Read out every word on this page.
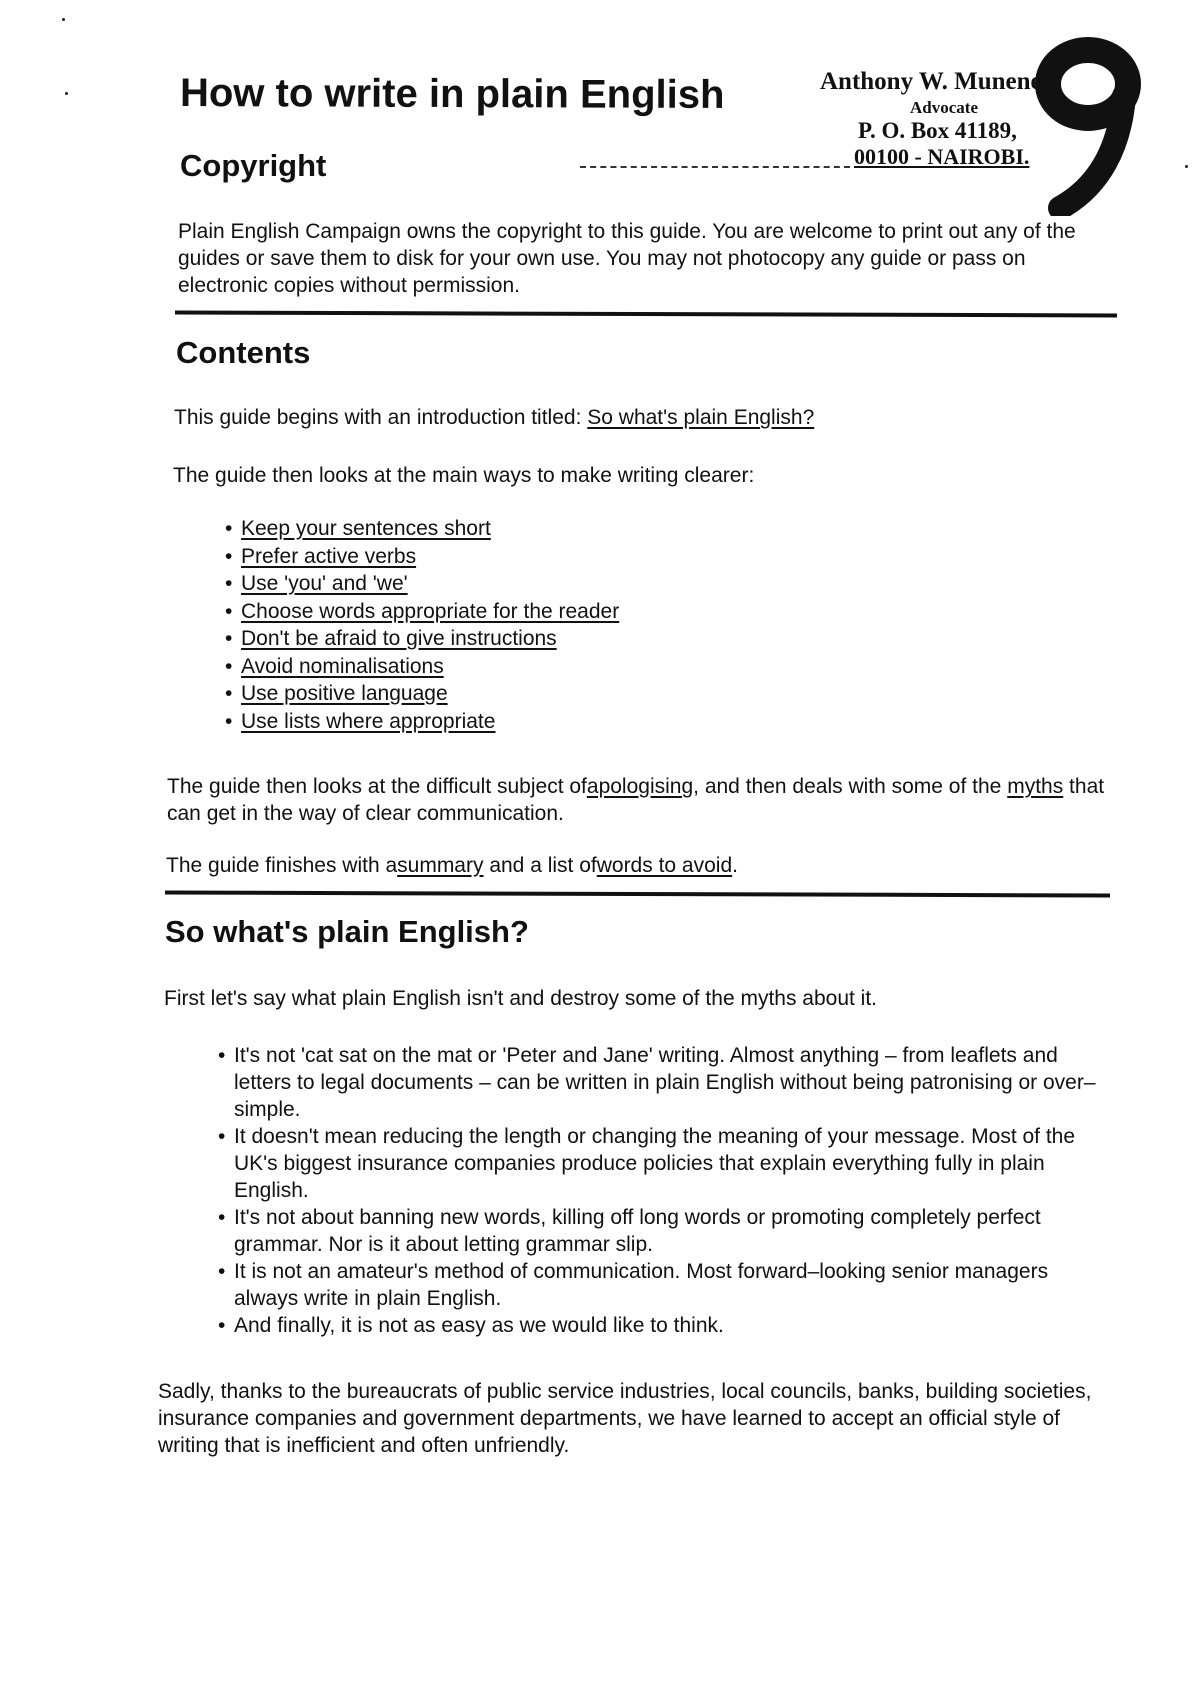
How to write in plain English	Anthony W. Munene
Advocate
P. O. Box 41189,
00100 - NAIROBI.
Copyright

Plain English Campaign owns the copyright to this guide. You are welcome to print out any of the guides or save them to disk for your own use. You may not photocopy any guide or pass on electronic copies without permission.

Contents

This guide begins with an introduction titled: So what's plain English?

The guide then looks at the main ways to make writing clearer:

• Keep your sentences short
• Prefer active verbs
• Use 'you' and 'we'
• Choose words appropriate for the reader
• Don't be afraid to give instructions
• Avoid nominalisations
• Use positive language
• Use lists where appropriate

The guide then looks at the difficult subject ofapologising, and then deals with some of the myths that can get in the way of clear communication.

The guide finishes with asummary and a list ofwords to avoid.

So what's plain English?

First let's say what plain English isn't and destroy some of the myths about it.

• It's not 'cat sat on the mat or 'Peter and Jane' writing. Almost anything – from leaflets and letters to legal documents – can be written in plain English without being patronising or over–simple.
• It doesn't mean reducing the length or changing the meaning of your message. Most of the UK's biggest insurance companies produce policies that explain everything fully in plain English.
• It's not about banning new words, killing off long words or promoting completely perfect grammar. Nor is it about letting grammar slip.
• It is not an amateur's method of communication. Most forward–looking senior managers always write in plain English.
• And finally, it is not as easy as we would like to think.

Sadly, thanks to the bureaucrats of public service industries, local councils, banks, building societies, insurance companies and government departments, we have learned to accept an official style of writing that is inefficient and often unfriendly.
